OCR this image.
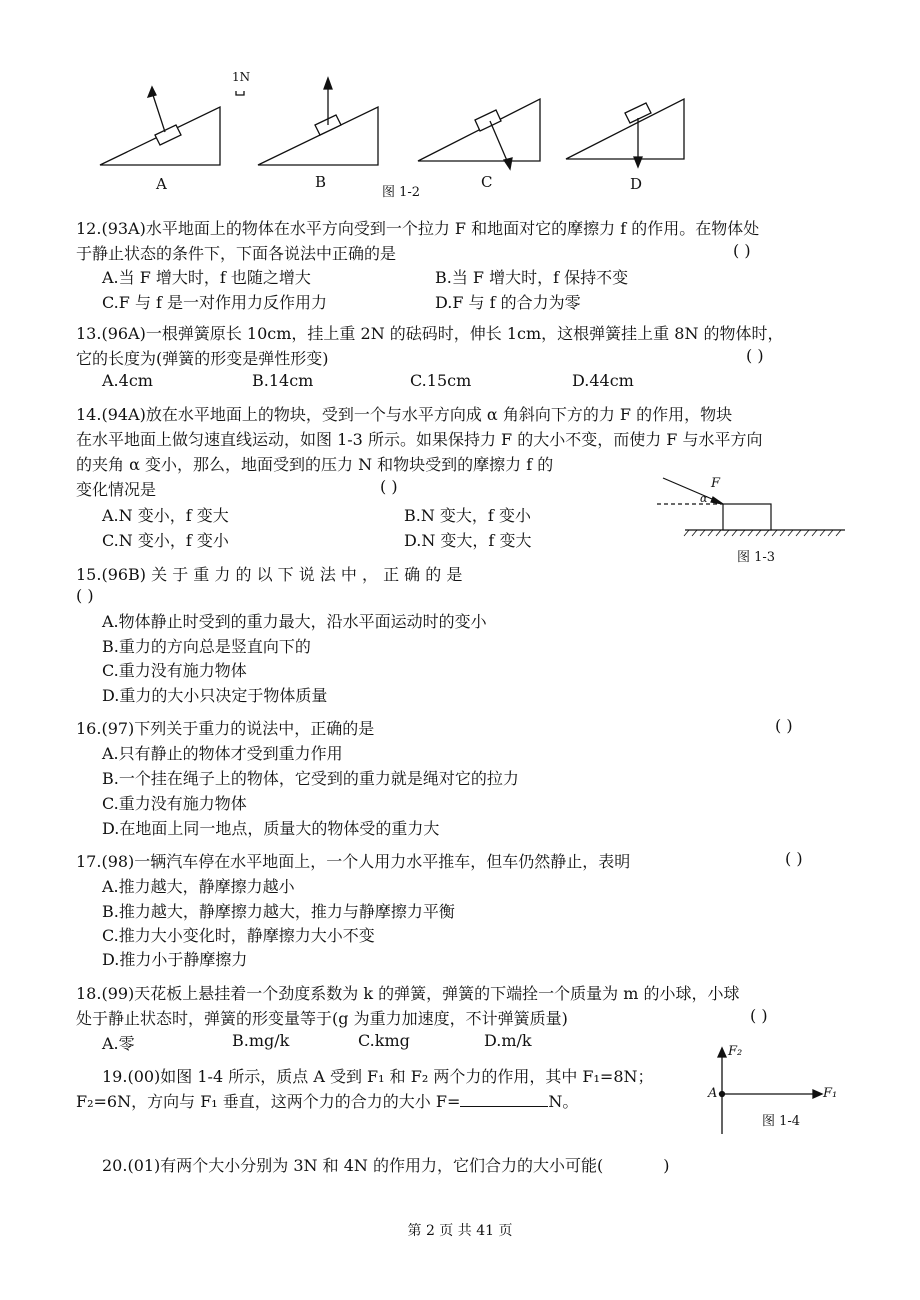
1N
A	B	C	D
图 1-2
12.(93A)水平地面上的物体在水平方向受到一个拉力 F 和地面对它的摩擦力 f 的作用。在物体处
于静止状态的条件下，下面各说法中正确的是	( )
A.当 F 增大时，f 也随之增大	B.当 F 增大时，f 保持不变
C.F 与 f 是一对作用力反作用力	D.F 与 f 的合力为零
13.(96A)一根弹簧原长 10cm，挂上重 2N 的砝码时，伸长 1cm，这根弹簧挂上重 8N 的物体时，
它的长度为(弹簧的形变是弹性形变)	( )
A.4cm	B.14cm	C.15cm	D.44cm
14.(94A)放在水平地面上的物块，受到一个与水平方向成 α 角斜向下方的力 F 的作用，物块
在水平地面上做匀速直线运动，如图 1-3 所示。如果保持力 F 的大小不变，而使力 F 与水平方向
的夹角 α 变小，那么，地面受到的压力 N 和物块受到的摩擦力 f 的
变化情况是	( )
A.N 变小，f 变大	B.N 变大，f 变小
C.N 变小，f 变小	D.N 变大，f 变大
F
α
图 1-3
15.(96B) 关 于 重 力 的 以 下 说 法 中 ， 正 确 的 是
( )
A.物体静止时受到的重力最大，沿水平面运动时的变小
B.重力的方向总是竖直向下的
C.重力没有施力物体
D.重力的大小只决定于物体质量
16.(97)下列关于重力的说法中，正确的是	( )
A.只有静止的物体才受到重力作用
B.一个挂在绳子上的物体，它受到的重力就是绳对它的拉力
C.重力没有施力物体
D.在地面上同一地点，质量大的物体受的重力大
17.(98)一辆汽车停在水平地面上，一个人用力水平推车，但车仍然静止，表明	( )
A.推力越大，静摩擦力越小
B.推力越大，静摩擦力越大，推力与静摩擦力平衡
C.推力大小变化时，静摩擦力大小不变
D.推力小于静摩擦力
18.(99)天花板上悬挂着一个劲度系数为 k 的弹簧，弹簧的下端拴一个质量为 m 的小球，小球
处于静止状态时，弹簧的形变量等于(g 为重力加速度，不计弹簧质量)	( )
A.零	B.mg/k	C.kmg	D.m/k
19.(00)如图 1-4 所示，质点 A 受到 F₁ 和 F₂ 两个力的作用，其中 F₁=8N；
F₂=6N，方向与 F₁ 垂直，这两个力的合力的大小 F=	N。
F₂
F₁
A
图 1-4
20.(01)有两个大小分别为 3N 和 4N 的作用力，它们合力的大小可能(	)
第 2 页 共 41 页
